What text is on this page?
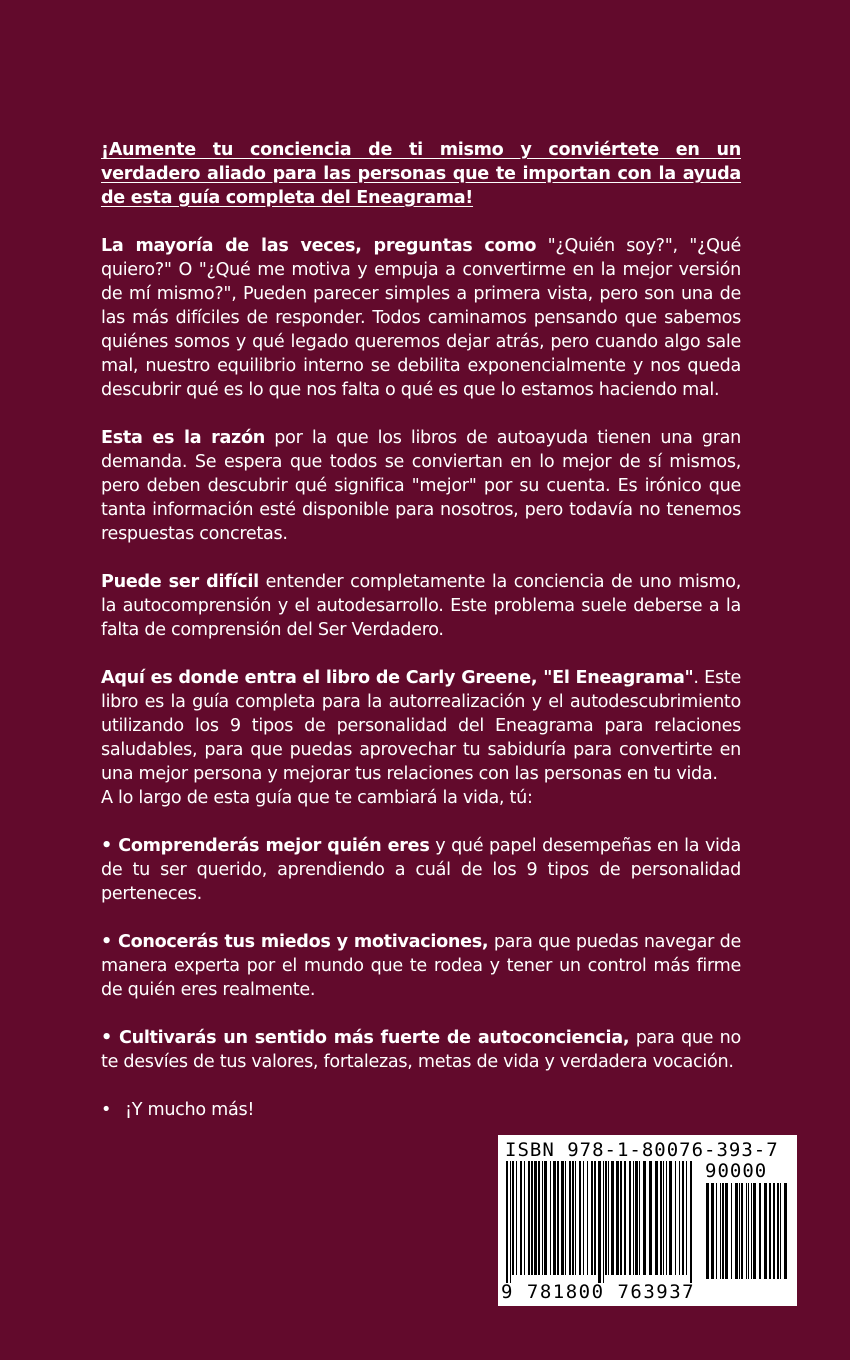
¡Aumente tu conciencia de ti mismo y conviértete en un verdadero aliado para las personas que te importan con la ayuda de esta guía completa del Eneagrama!

La mayoría de las veces, preguntas como "¿Quién soy?", "¿Qué quiero?" O "¿Qué me motiva y empuja a convertirme en la mejor versión de mí mismo?", Pueden parecer simples a primera vista, pero son una de las más difíciles de responder. Todos caminamos pensando que sabemos quiénes somos y qué legado queremos dejar atrás, pero cuando algo sale mal, nuestro equilibrio interno se debilita exponencialmente y nos queda descubrir qué es lo que nos falta o qué es que lo estamos haciendo mal.

Esta es la razón por la que los libros de autoayuda tienen una gran demanda. Se espera que todos se conviertan en lo mejor de sí mismos, pero deben descubrir qué significa "mejor" por su cuenta. Es irónico que tanta información esté disponible para nosotros, pero todavía no tenemos respuestas concretas.

Puede ser difícil entender completamente la conciencia de uno mismo, la autocomprensión y el autodesarrollo. Este problema suele deberse a la falta de comprensión del Ser Verdadero.

Aquí es donde entra el libro de Carly Greene, "El Eneagrama". Este libro es la guía completa para la autorrealización y el autodescubrimiento utilizando los 9 tipos de personalidad del Eneagrama para relaciones saludables, para que puedas aprovechar tu sabiduría para convertirte en una mejor persona y mejorar tus relaciones con las personas en tu vida.

A lo largo de esta guía que te cambiará la vida, tú:

• Comprenderás mejor quién eres y qué papel desempeñas en la vida de tu ser querido, aprendiendo a cuál de los 9 tipos de personalidad perteneces.

• Conocerás tus miedos y motivaciones, para que puedas navegar de manera experta por el mundo que te rodea y tener un control más firme de quién eres realmente.

• Cultivarás un sentido más fuerte de autoconciencia, para que no te desvíes de tus valores, fortalezas, metas de vida y verdadera vocación.

• ¡Y mucho más!

ISBN 978-1-80076-393-7
90000
9 781800 763937
